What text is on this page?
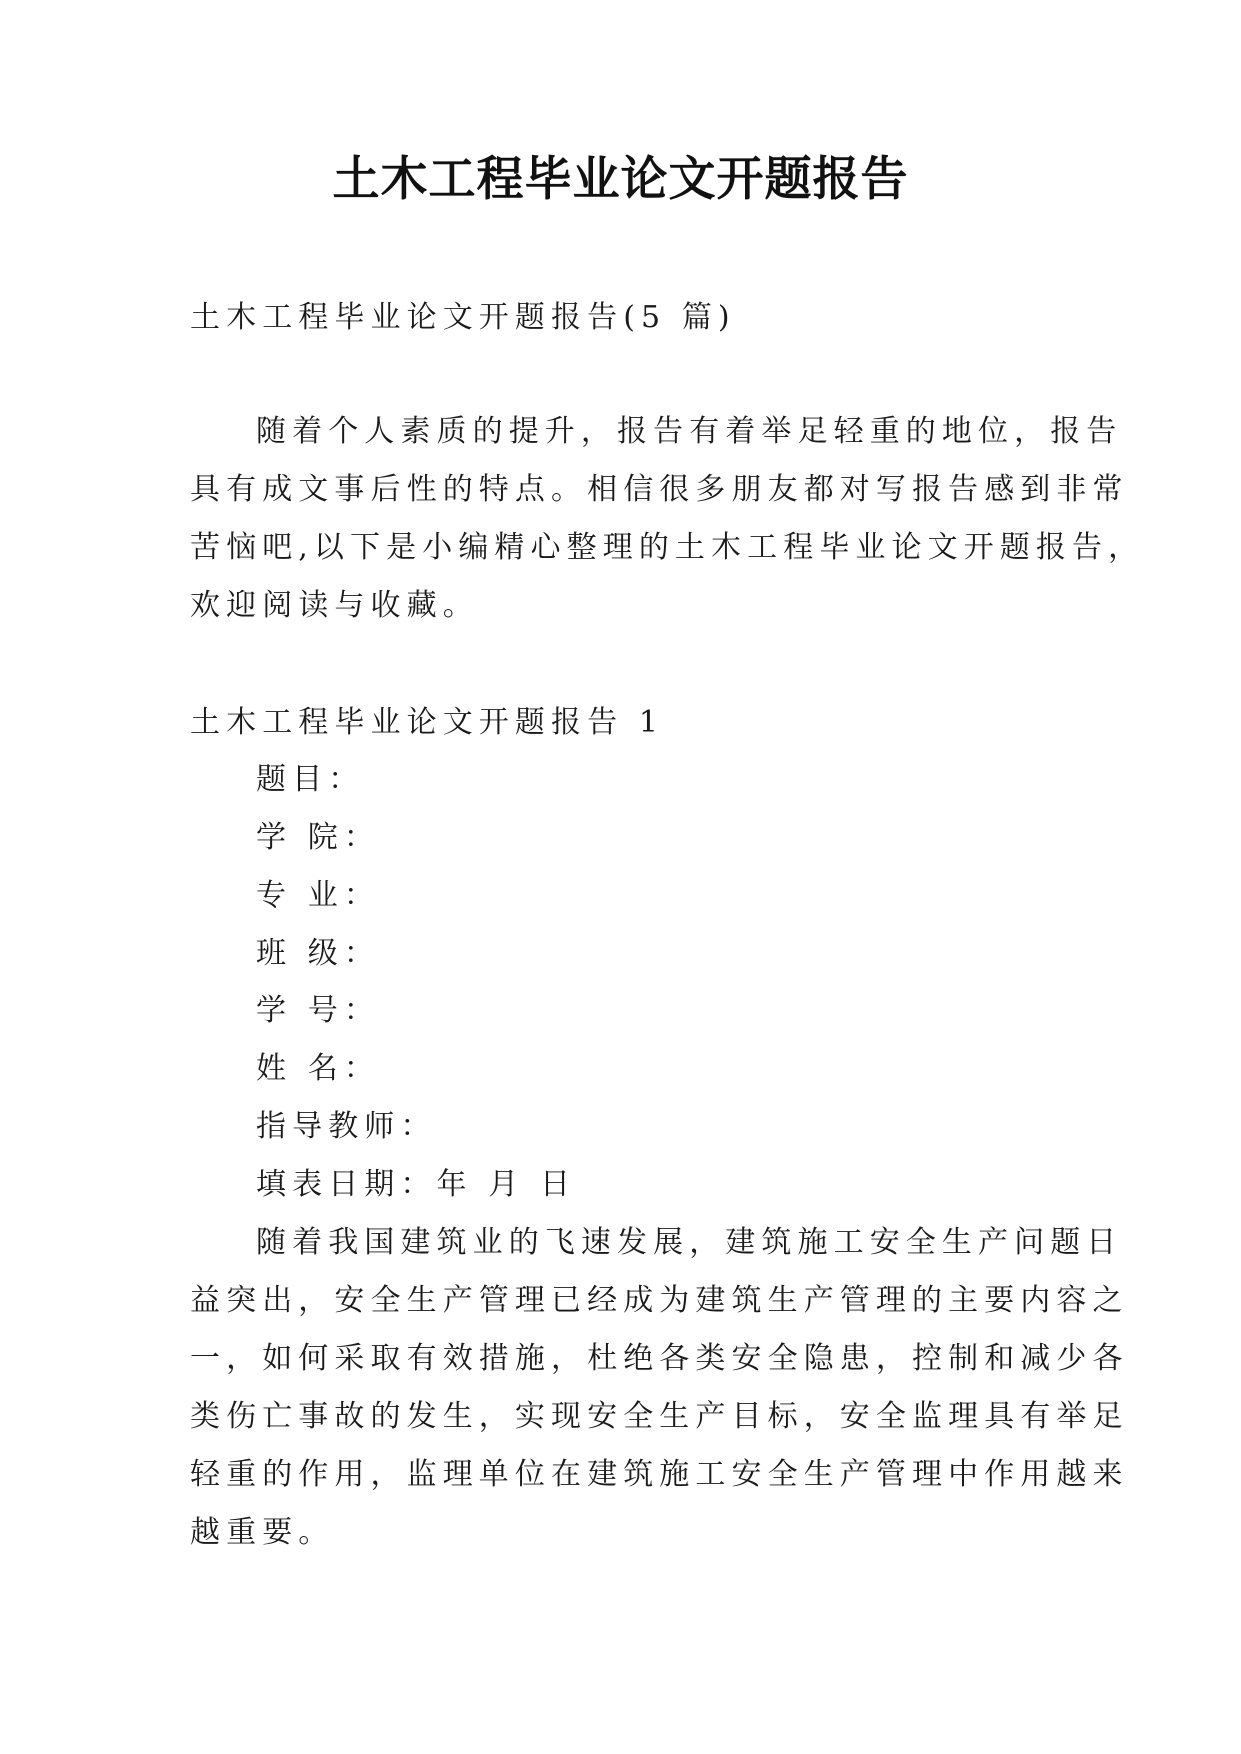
土木工程毕业论文开题报告
土木工程毕业论文开题报告(5 篇)
随着个人素质的提升，报告有着举足轻重的地位，报告
具有成文事后性的特点。相信很多朋友都对写报告感到非常
苦恼吧,以下是小编精心整理的土木工程毕业论文开题报告，
欢迎阅读与收藏。
土木工程毕业论文开题报告 1
题目：
学 院：
专 业：
班 级：
学 号：
姓 名：
指导教师：
填表日期：年 月 日
随着我国建筑业的飞速发展，建筑施工安全生产问题日
益突出，安全生产管理已经成为建筑生产管理的主要内容之
一，如何采取有效措施，杜绝各类安全隐患，控制和减少各
类伤亡事故的发生，实现安全生产目标，安全监理具有举足
轻重的作用，监理单位在建筑施工安全生产管理中作用越来
越重要。
